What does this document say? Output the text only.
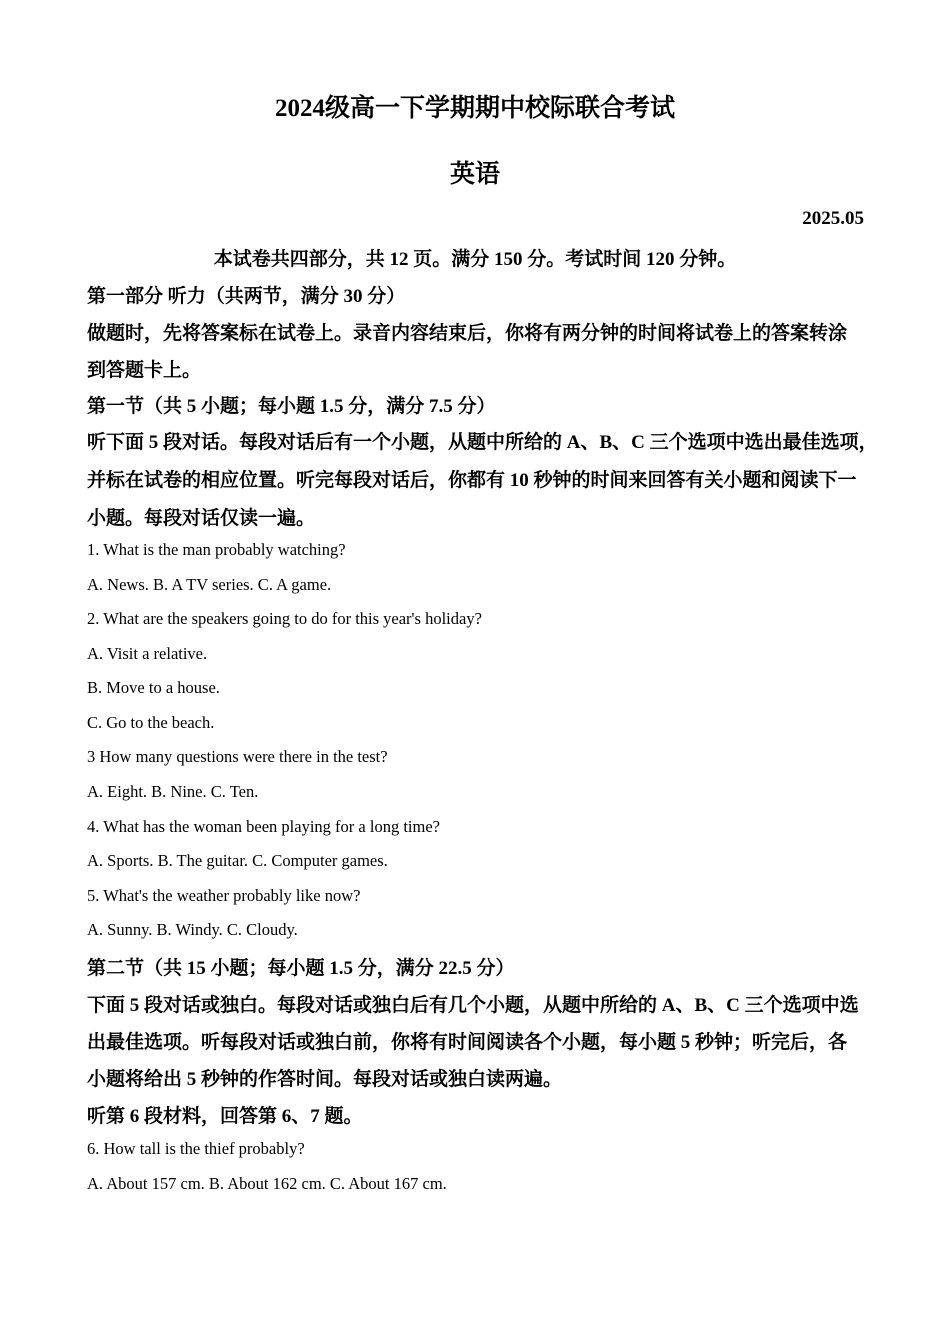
2024级高一下学期期中校际联合考试
英语
2025.05
本试卷共四部分，共 12 页。满分 150 分。考试时间 120 分钟。
第一部分 听力（共两节，满分 30 分）
做题时，先将答案标在试卷上。录音内容结束后，你将有两分钟的时间将试卷上的答案转涂
到答题卡上。
第一节（共 5 小题；每小题 1.5 分，满分 7.5 分）
听下面 5 段对话。每段对话后有一个小题，从题中所给的 A、B、C 三个选项中选出最佳选项，
并标在试卷的相应位置。听完每段对话后，你都有 10 秒钟的时间来回答有关小题和阅读下一
小题。每段对话仅读一遍。
1. What is the man probably watching?
A. News. B. A TV series. C. A game.
2. What are the speakers going to do for this year's holiday?
A. Visit a relative.
B. Move to a house.
C. Go to the beach.
3 How many questions were there in the test?
A. Eight. B. Nine. C. Ten.
4. What has the woman been playing for a long time?
A. Sports. B. The guitar. C. Computer games.
5. What's the weather probably like now?
A. Sunny. B. Windy. C. Cloudy.
第二节（共 15 小题；每小题 1.5 分，满分 22.5 分）
下面 5 段对话或独白。每段对话或独白后有几个小题，从题中所给的 A、B、C 三个选项中选
出最佳选项。听每段对话或独白前，你将有时间阅读各个小题，每小题 5 秒钟；听完后，各
小题将给出 5 秒钟的作答时间。每段对话或独白读两遍。
听第 6 段材料，回答第 6、7 题。
6. How tall is the thief probably?
A. About 157 cm. B. About 162 cm. C. About 167 cm.
